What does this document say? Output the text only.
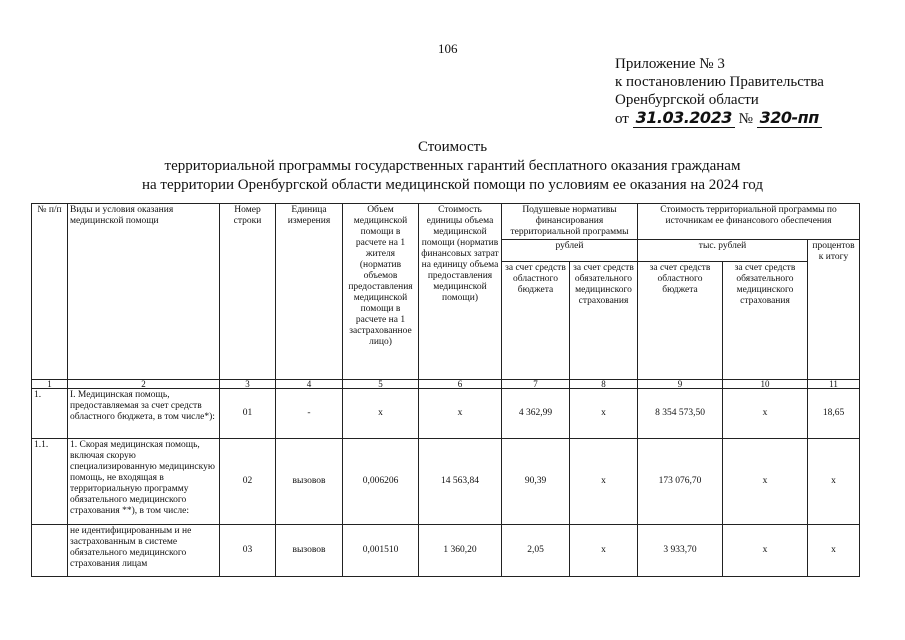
106
Приложение № 3
к постановлению Правительства
Оренбургской области
от 31.03.2023 № 320-пп
Стоимость
территориальной программы государственных гарантий бесплатного оказания гражданам
на территории Оренбургской области медицинской помощи по условиям ее оказания на 2024 год
№ п/п	Виды и условия оказания медицинской помощи	Номер строки	Единица измерения	Объем медицинской помощи в расчете на 1 жителя (норматив объемов предоставления медицинской помощи в расчете на 1 застрахованное лицо)	Стоимость единицы объема медицинской помощи (норматив финансовых затрат на единицу объема предоставления медицинской помощи)	Подушевые нормативы финансирования территориальной программы		Стоимость территориальной программы по источникам ее финансового обеспечения		
						рублей		тыс. рублей		процентов к итогу
						за счет средств областного бюджета	за счет средств обязательного медицинского страхования	за счет средств областного бюджета	за счет средств обязательного медицинского страхования	
1	2	3	4	5	6	7	8	9	10	11
1.	I. Медицинская помощь, предоставляемая за счет средств областного бюджета, в том числе*):	01	-	х	х	4 362,99	х	8 354 573,50	х	18,65
1.1.	1. Скорая медицинская помощь, включая скорую специализированную медицинскую помощь, не входящая в территориальную программу обязательного медицинского страхования **), в том числе:	02	вызовов	0,006206	14 563,84	90,39	х	173 076,70	х	х
	не идентифицированным и не застрахованным в системе обязательного медицинского страхования лицам	03	вызовов	0,001510	1 360,20	2,05	х	3 933,70	х	х
